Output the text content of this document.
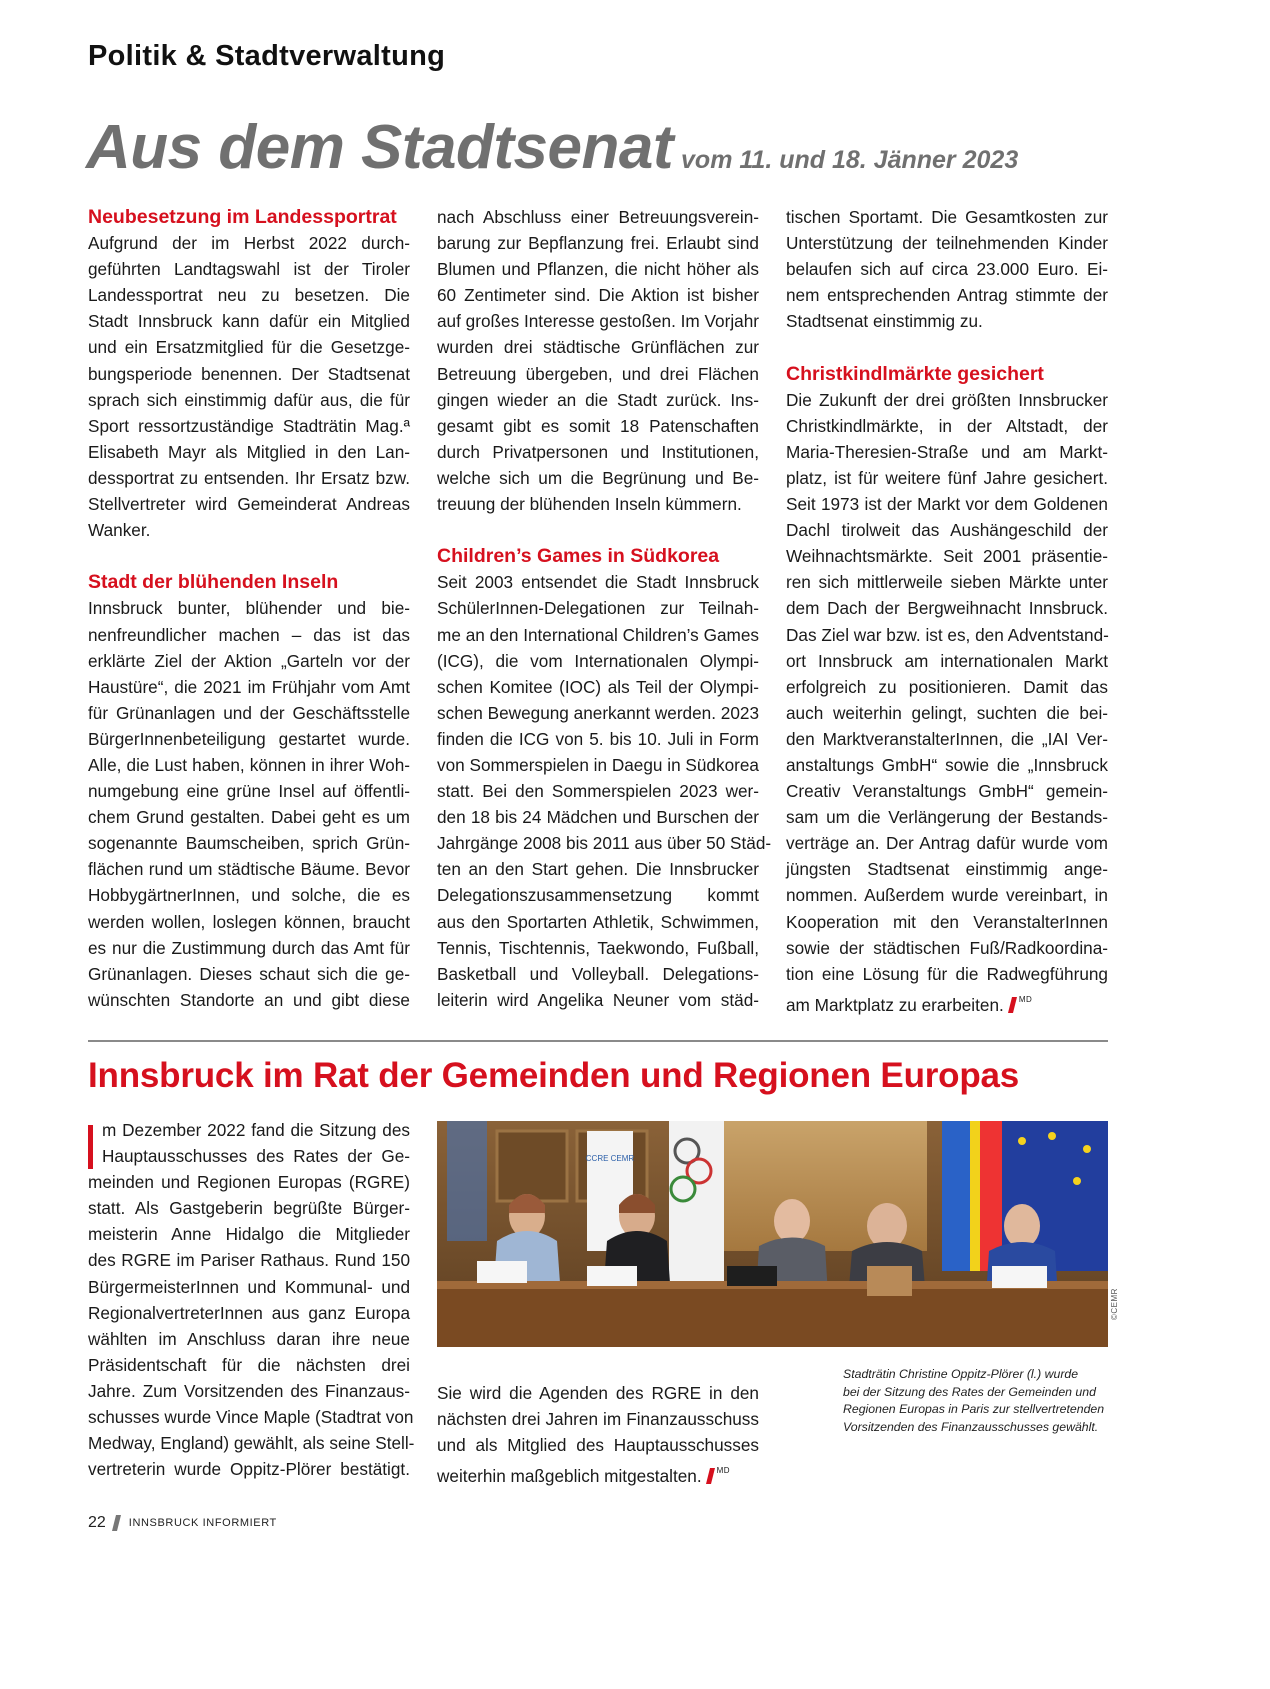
Politik & Stadtverwaltung
Aus dem Stadtsenat vom 11. und 18. Jänner 2023
Neubesetzung im Landessportrat
Aufgrund der im Herbst 2022 durch-
geführten Landtagswahl ist der Tiroler
Landessportrat neu zu besetzen. Die
Stadt Innsbruck kann dafür ein Mitglied
und ein Ersatzmitglied für die Gesetzge-
bungsperiode benennen. Der Stadtsenat
sprach sich einstimmig dafür aus, die für
Sport ressortzuständige Stadträtin Mag.ª
Elisabeth Mayr als Mitglied in den Lan-
dessportrat zu entsenden. Ihr Ersatz bzw.
Stellvertreter wird Gemeinderat Andreas
Wanker.
Stadt der blühenden Inseln
Innsbruck bunter, blühender und bie-
nenfreundlicher machen – das ist das
erklärte Ziel der Aktion „Garteln vor der
Haustüre“, die 2021 im Frühjahr vom Amt
für Grünanlagen und der Geschäftsstelle
BürgerInnenbeteiligung gestartet wurde.
Alle, die Lust haben, können in ihrer Woh-
numgebung eine grüne Insel auf öffentli-
chem Grund gestalten. Dabei geht es um
sogenannte Baumscheiben, sprich Grün-
flächen rund um städtische Bäume. Bevor
HobbygärtnerInnen, und solche, die es
werden wollen, loslegen können, braucht
es nur die Zustimmung durch das Amt für
Grünanlagen. Dieses schaut sich die ge-
wünschten Standorte an und gibt diese
nach Abschluss einer Betreuungsverein-
barung zur Bepflanzung frei. Erlaubt sind
Blumen und Pflanzen, die nicht höher als
60 Zentimeter sind. Die Aktion ist bisher
auf großes Interesse gestoßen. Im Vorjahr
wurden drei städtische Grünflächen zur
Betreuung übergeben, und drei Flächen
gingen wieder an die Stadt zurück. Ins-
gesamt gibt es somit 18 Patenschaften
durch Privatpersonen und Institutionen,
welche sich um die Begrünung und Be-
treuung der blühenden Inseln kümmern.
Children’s Games in Südkorea
Seit 2003 entsendet die Stadt Innsbruck
SchülerInnen-Delegationen zur Teilnah-
me an den International Children’s Games
(ICG), die vom Internationalen Olympi-
schen Komitee (IOC) als Teil der Olympi-
schen Bewegung anerkannt werden. 2023
finden die ICG von 5. bis 10. Juli in Form
von Sommerspielen in Daegu in Südkorea
statt. Bei den Sommerspielen 2023 wer-
den 18 bis 24 Mädchen und Burschen der
Jahrgänge 2008 bis 2011 aus über 50 Städ-
ten an den Start gehen. Die Innsbrucker
Delegationszusammensetzung kommt
aus den Sportarten Athletik, Schwimmen,
Tennis, Tischtennis, Taekwondo, Fußball,
Basketball und Volleyball. Delegations-
leiterin wird Angelika Neuner vom städ-
tischen Sportamt. Die Gesamtkosten zur
Unterstützung der teilnehmenden Kinder
belaufen sich auf circa 23.000 Euro. Ei-
nem entsprechenden Antrag stimmte der
Stadtsenat einstimmig zu.
Christkindlmärkte gesichert
Die Zukunft der drei größten Innsbrucker
Christkindlmärkte, in der Altstadt, der
Maria-Theresien-Straße und am Markt-
platz, ist für weitere fünf Jahre gesichert.
Seit 1973 ist der Markt vor dem Goldenen
Dachl tirolweit das Aushängeschild der
Weihnachtsmärkte. Seit 2001 präsentie-
ren sich mittlerweile sieben Märkte unter
dem Dach der Bergweihnacht Innsbruck.
Das Ziel war bzw. ist es, den Adventstand-
ort Innsbruck am internationalen Markt
erfolgreich zu positionieren. Damit das
auch weiterhin gelingt, suchten die bei-
den MarktveranstalterInnen, die „IAI Ver-
anstaltungs GmbH“ sowie die „Innsbruck
Creativ Veranstaltungs GmbH“ gemein-
sam um die Verlängerung der Bestands-
verträge an. Der Antrag dafür wurde vom
jüngsten Stadtsenat einstimmig ange-
nommen. Außerdem wurde vereinbart, in
Kooperation mit den VeranstalterInnen
sowie der städtischen Fuß/Radkoordina-
tion eine Lösung für die Radwegführung
am Marktplatz zu erarbeiten. $^{MD}$
Innsbruck im Rat der Gemeinden und Regionen Europas
m Dezember 2022 fand die Sitzung des
Hauptausschusses des Rates der Ge-
meinden und Regionen Europas (RGRE)
statt. Als Gastgeberin begrüßte Bürger-
meisterin Anne Hidalgo die Mitglieder
des RGRE im Pariser Rathaus. Rund 150
BürgermeisterInnen und Kommunal- und
RegionalvertreterInnen aus ganz Europa
wählten im Anschluss daran ihre neue
Präsidentschaft für die nächsten drei
Jahre. Zum Vorsitzenden des Finanzaus-
schusses wurde Vince Maple (Stadtrat von
Medway, England) gewählt, als seine Stell-
vertreterin wurde Oppitz-Plörer bestätigt.
CCRE CEMR
©CEMR
Sie wird die Agenden des RGRE in den
nächsten drei Jahren im Finanzausschuss
und als Mitglied des Hauptausschusses
weiterhin maßgeblich mitgestalten. $^{MD}$
Stadträtin Christine Oppitz-Plörer (l.) wurde
bei der Sitzung des Rates der Gemeinden und
Regionen Europas in Paris zur stellvertretenden
Vorsitzenden des Finanzausschusses gewählt.
22 INNSBRUCK INFORMIERT
